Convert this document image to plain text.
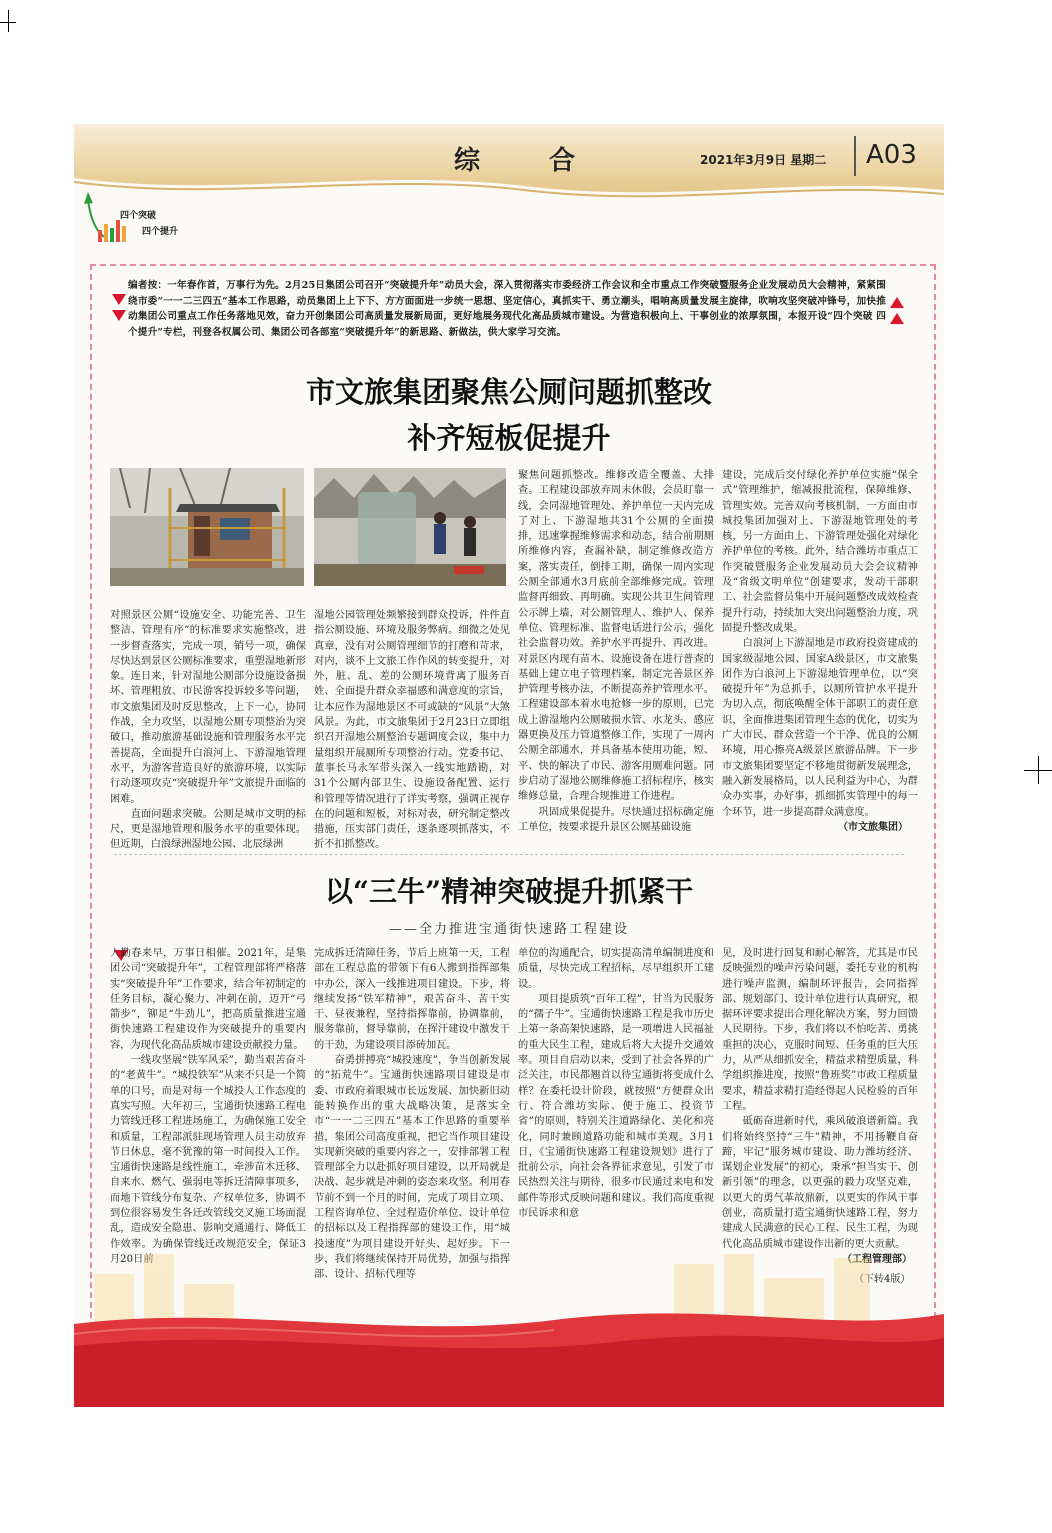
综 合	2021年3月9日 星期二 A03
四个突破
四个提升
编者按：一年春作首，万事行为先。2月25日集团公司召开“突破提升年”动员大会，深入贯彻落实市委经济工作会议和全市重点工作突破暨服务企业发展动员大会精神，紧紧围绕市委“一一二三四五”基本工作思路，动员集团上上下下、方方面面进一步统一思想、坚定信心，真抓实干、勇立潮头，唱响高质量发展主旋律，吹响攻坚突破冲锋号，加快推动集团公司重点工作任务落地见效，奋力开创集团公司高质量发展新局面，更好地展务现代化高品质城市建设。为营造积极向上、干事创业的浓厚氛围，本报开设“四个突破 四个提升”专栏，刊登各权属公司、集团公司各部室“突破提升年”的新思路、新做法，供大家学习交流。
市文旅集团聚焦公厕问题抓整改
补齐短板促提升
对照景区公厕“设施安全、功能完善、卫生整洁、管理有序”的标准要求实施整改，进一步督查落实，完成一项，销号一项，确保尽快达到景区公厕标准要求，重塑湿地新形象。连日来，针对湿地公厕部分设施设备损坏、管理粗放、市民游客投诉较多等问题，市文旅集团及时反思整改，上下一心，协同作战，全力攻坚，以湿地公厕专项整治为突破口，推动旅游基础设施和管理服务水平完善提高，全面提升白浪河上、下游湿地管理水平，为游客营造良好的旅游环境，以实际行动逐项攻克“突破提升年”文旅提升面临的困难。
　　直面问题求突破。公厕是城市文明的标尺，更是湿地管理和服务水平的重要体现。但近期，白浪绿洲湿地公园、北辰绿洲
湿地公园管理处频繁接到群众投诉，件件直指公厕设施、环境及服务弊病。细微之处见真章，没有对公厕管理细节的打磨和苛求，对内，谈不上文旅工作作风的转变提升，对外，脏、乱、差的公厕环境背离了服务百姓、全面提升群众幸福感和满意度的宗旨，让本应作为湿地景区不可或缺的“风景”大煞风景。为此，市文旅集团于2月23日立即组织召开湿地公厕整治专题调度会议，集中力量组织开展厕所专项整治行动。党委书记、董事长马永军带头深入一线实地踏勘，对31个公厕内部卫生、设施设备配置、运行和管理等情况进行了详实考察，强调正视存在的问题和短板，对标对表，研究制定整改措施，压实部门责任，逐条逐项抓落实，不折不扣抓整改。
聚焦问题抓整改。维修改造全覆盖、大排查。工程建设部放弃周末休假，会员盯靠一线，会同湿地管理处、养护单位一天内完成了对上、下游湿地共31个公厕的全面摸排，迅速掌握维修需求和动态，结合前期厕所维修内容，查漏补缺，制定维修改造方案，落实责任，倒排工期，确保一周内实现公厕全部通水3月底前全部维修完成。管理监督再细致、再明确。实现公共卫生间管理公示牌上墙，对公厕管理人、维护人、保养单位、管理标准、监督电话进行公示，强化社会监督功效。养护水平再提升、再改进。对景区内现有苗木、设施设备在进行普查的基础上建立电子管理档案，制定完善景区养护管理考核办法，不断提高养护管理水平。工程建设部本着水电抢修一步的原则，已完成上游湿地内公厕破损水管、水龙头、感应器更换及压力管道整修工作，实现了一周内公厕全部通水，并具备基本使用功能，短、平、快的解决了市民、游客用厕难问题。同步启动了湿地公厕维修施工招标程序，核实维修总量，合理合规推进工作进程。
　　巩固成果促提升。尽快通过招标确定施工单位，按要求提升景区公厕基础设施
建设，完成后交付绿化养护单位实施“保全式”管理维护，缩减报批流程，保障维修、管理实效。完善双向考核机制，一方面由市城投集团加强对上、下游湿地管理处的考核，另一方面由上、下游管理处强化对绿化养护单位的考核。此外，结合潍坊市重点工作突破暨服务企业发展动员大会会议精神及“省级文明单位”创建要求，发动干部职工、社会监督员集中开展问题整改成效检查提升行动，持续加大突出问题整治力度，巩固提升整改成果。
　　白浪河上下游湿地是市政府投资建成的国家级湿地公园、国家A级景区，市文旅集团作为白浪河上下游湿地管理单位，以“突破提升年”为总抓手，以厕所管护水平提升为切入点，彻底唤醒全体干部职工的责任意识，全面推进集团管理生态的优化，切实为广大市民、群众营造一个干净、优良的公厕环境，用心擦亮A级景区旅游品牌。下一步市文旅集团要坚定不移地贯彻新发展理念，融入新发展格局，以人民利益为中心，为群众办实事，办好事，抓细抓实管理中的每一个环节，进一步提高群众满意度。
（市文旅集团）
以“三牛”精神突破提升抓紧干
——全力推进宝通街快速路工程建设
人勤春来早，万事日相催。2021年，是集团公司“突破提升年”，工程管理部将严格落实“突破提升年”工作要求，结合年初制定的任务目标，凝心聚力、冲刺在前，迈开“弓箭步”，铆足“牛劲儿”，把高质量推进宝通街快速路工程建设作为突破提升的重要内容，为现代化高品质城市建设贡献投力量。
　　一线攻坚展“铁军风采”，勤当艰苦奋斗的“老黄牛”。“城投铁军”从来不只是一个简单的口号，而是对每一个城投人工作态度的真实写照。大年初三，宝通街快速路工程电力管线迁移工程进场施工，为确保施工安全和质量，工程部派驻现场管理人员主动放弃节日休息，毫不犹豫的第一时间投入工作。宝通街快速路是线性施工，牵涉苗木迁移、自来水、燃气、强弱电等拆迁清障事项多，而地下管线分布复杂、产权单位多，协调不到位很容易发生各迁改管线交叉施工场面混乱，造成安全隐患、影响交通通行、降低工作效率。为确保管线迁改规范安全，保证3月20日前
完成拆迁清障任务，节后上班第一天，工程部在工程总监的带领下有6人搬到指挥部集中办公，深入一线推进项目建设。下步，将继续发扬“铁军精神”，艰苦奋斗、苦干实干、昼夜兼程，坚持指挥靠前，协调靠前，服务靠前，督导靠前，在挥汗建设中激发干的干劲，为建设项目添砖加瓦。
　　奋勇拼搏亮“城投速度”，争当创新发展的“拓荒牛”。宝通街快速路项目建设是市委、市政府着眼城市长远发展、加快新旧动能转换作出的重大战略决策，是落实全市“一一二三四五”基本工作思路的重要举措，集团公司高度重视，把它当作项目建设实现新突破的重要内容之一，安排部署工程管理部全力以赴抓好项目建设，以开局就是决战、起步就是冲刺的姿态来攻坚。利用春节前不到一个月的时间，完成了项目立项、工程咨询单位、全过程造价单位、设计单位的招标以及工程指挥部的建设工作，用“城投速度”为项目建设开好头、起好步。下一步，我们将继续保持开局优势，加强与指挥部、设计、招标代理等
单位的沟通配合，切实提高清单编制进度和质量，尽快完成工程招标，尽早组织开工建设。
　　项目提质筑“百年工程”，甘当为民服务的“孺子牛”。宝通街快速路工程是我市历史上第一条高架快速路，是一项增进人民福祉的重大民生工程，建成后将大大提升交通效率。项目自启动以来，受到了社会各界的广泛关注，市民都翘首以待宝通街将变成什么样？在委托设计阶段，就按照“方便群众出行、符合潍坊实际、便于施工、投资节省”的原则，特别关注道路绿化、美化和亮化，同时兼顾道路功能和城市美观。3月1日，《宝通街快速路工程建设规划》进行了批前公示，向社会各界征求意见，引发了市民热烈关注与期待，很多市民通过来电和发邮件等形式反映问题和建议。我们高度重视市民诉求和意
见，及时进行回复和耐心解答，尤其是市民反映强烈的噪声污染问题，委托专业的机构进行噪声监测，编制环评报告，会同指挥部、规划部门、设计单位进行认真研究，根据环评要求提出合理化解决方案，努力回馈人民期待。下步，我们将以不怕吃苦、勇挑重担的决心，克服时间短、任务重的巨大压力，从严从细抓安全，精益求精塑质量，科学组织推进度，按照“鲁班奖”市政工程质量要求，精益求精打造经得起人民检验的百年工程。
　　砥砺奋进新时代，乘风破浪谱新篇。我们将始终坚持“三牛”精神，不用扬鞭自奋蹄，牢记“服务城市建设、助力潍坊经济、谋划企业发展”的初心，秉承“担当实干、创新引领”的理念，以更强的毅力攻坚克难，以更大的勇气革故鼎新，以更实的作风干事创业，高质量打造宝通街快速路工程，努力建成人民满意的民心工程、民生工程，为现代化高品质城市建设作出新的更大贡献。
（工程管理部）
（下转4版）
